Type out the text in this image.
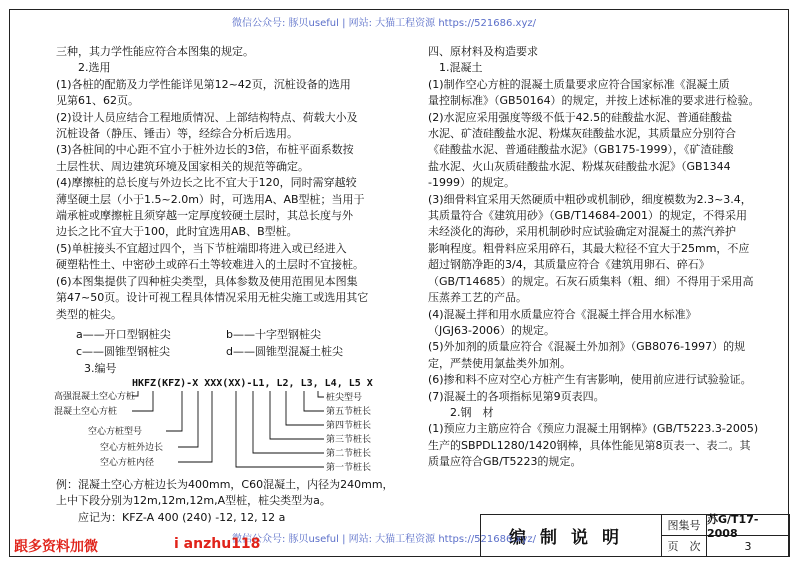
微信公众号: 豚贝useful | 网站: 大猫工程资源 https://521686.xyz/

三种，其力学性能应符合本图集的规定。

　　2.选用

(1)各桩的配筋及力学性能详见第12~42页，沉桩设备的选用

见第61、62页。

(2)设计人员应结合工程地质情况、上部结构特点、荷载大小及

沉桩设备（静压、锤击）等，经综合分析后选用。

(3)各桩间的中心距不宜小于桩外边长的3倍，布桩平面系数按

土层性状、周边建筑环境及国家相关的规范等确定。

(4)摩擦桩的总长度与外边长之比不宜大于120，同时需穿越较

薄坚硬土层（小于1.5~2.0m）时，可选用A、AB型桩；当用于

端承桩或摩擦桩且须穿越一定厚度较硬土层时，其总长度与外

边长之比不宜大于100，此时宜选用AB、B型桩。

(5)单桩接头不宜超过四个，当下节桩端即将进入或已经进入

硬塑粘性土、中密砂土或碎石土等较难进入的土层时不宜接桩。

(6)本图集提供了四种桩尖类型，具体参数及使用范围见本图集

第47~50页。设计可视工程具体情况采用无桩尖施工或选用其它

类型的桩尖。

a——开口型钢桩尖	b——十字型钢桩尖
c——圆锥型钢桩尖	d——圆锥型混凝土桩尖

3.编号

HKFZ(KFZ)-X XXX(XX)-L1, L2, L3, L4, L5 X
高强混凝土空心方桩
混凝土空心方桩
空心方桩型号
空心方桩外边长
空心方桩内径
桩尖型号
第五节桩长
第四节桩长
第三节桩长
第二节桩长
第一节桩长

例：混凝土空心方桩边长为400mm，C60混凝土，内径为240mm，

上中下段分别为12m,12m,12m,A型桩，桩尖类型为a。

　　应记为：KFZ-A 400 (240) -12, 12, 12 a

四、原材料及构造要求

　1.混凝土

(1)制作空心方桩的混凝土质量要求应符合国家标准《混凝土质

量控制标准》（GB50164）的规定，并按上述标准的要求进行检验。

(2)水泥应采用强度等级不低于42.5的硅酸盐水泥、普通硅酸盐

水泥、矿渣硅酸盐水泥、粉煤灰硅酸盐水泥，其质量应分别符合

《硅酸盐水泥、普通硅酸盐水泥》（GB175-1999），《矿渣硅酸

盐水泥、火山灰质硅酸盐水泥、粉煤灰硅酸盐水泥》（GB1344

-1999）的规定。

(3)细骨料宜采用天然硬质中粗砂或机制砂，细度模数为2.3~3.4，

其质量符合《建筑用砂》（GB/T14684-2001）的规定，不得采用

未经淡化的海砂，采用机制砂时应试验确定对混凝土的蒸汽养护

影响程度。粗骨料应采用碎石，其最大粒径不宜大于25mm，不应

超过钢筋净距的3/4，其质量应符合《建筑用卵石、碎石》

（GB/T14685）的规定。石灰石质集料（粗、细）不得用于采用高

压蒸养工艺的产品。

(4)混凝土拌和用水质量应符合《混凝土拌合用水标准》

（JGJ63-2006）的规定。

(5)外加剂的质量应符合《混凝土外加剂》（GB8076-1997）的规

定，严禁使用氯盐类外加剂。

(6)掺和料不应对空心方桩产生有害影响，使用前应进行试验验证。

(7)混凝土的各项指标见第9页表四。

　　2.钢　材

(1)预应力主筋应符合《预应力混凝土用钢棒》(GB/T5223.3-2005)

生产的SBPDL1280/1420钢棒，具体性能见第8页表一、表二。其

质量应符合GB/T5223的规定。

编制说明
图集号 苏G/T17-2008
页　次	3
微信公众号: 豚贝useful | 网站: 大猫工程资源 https://521686.xyz/
跟多资料加微	i anzhu118
